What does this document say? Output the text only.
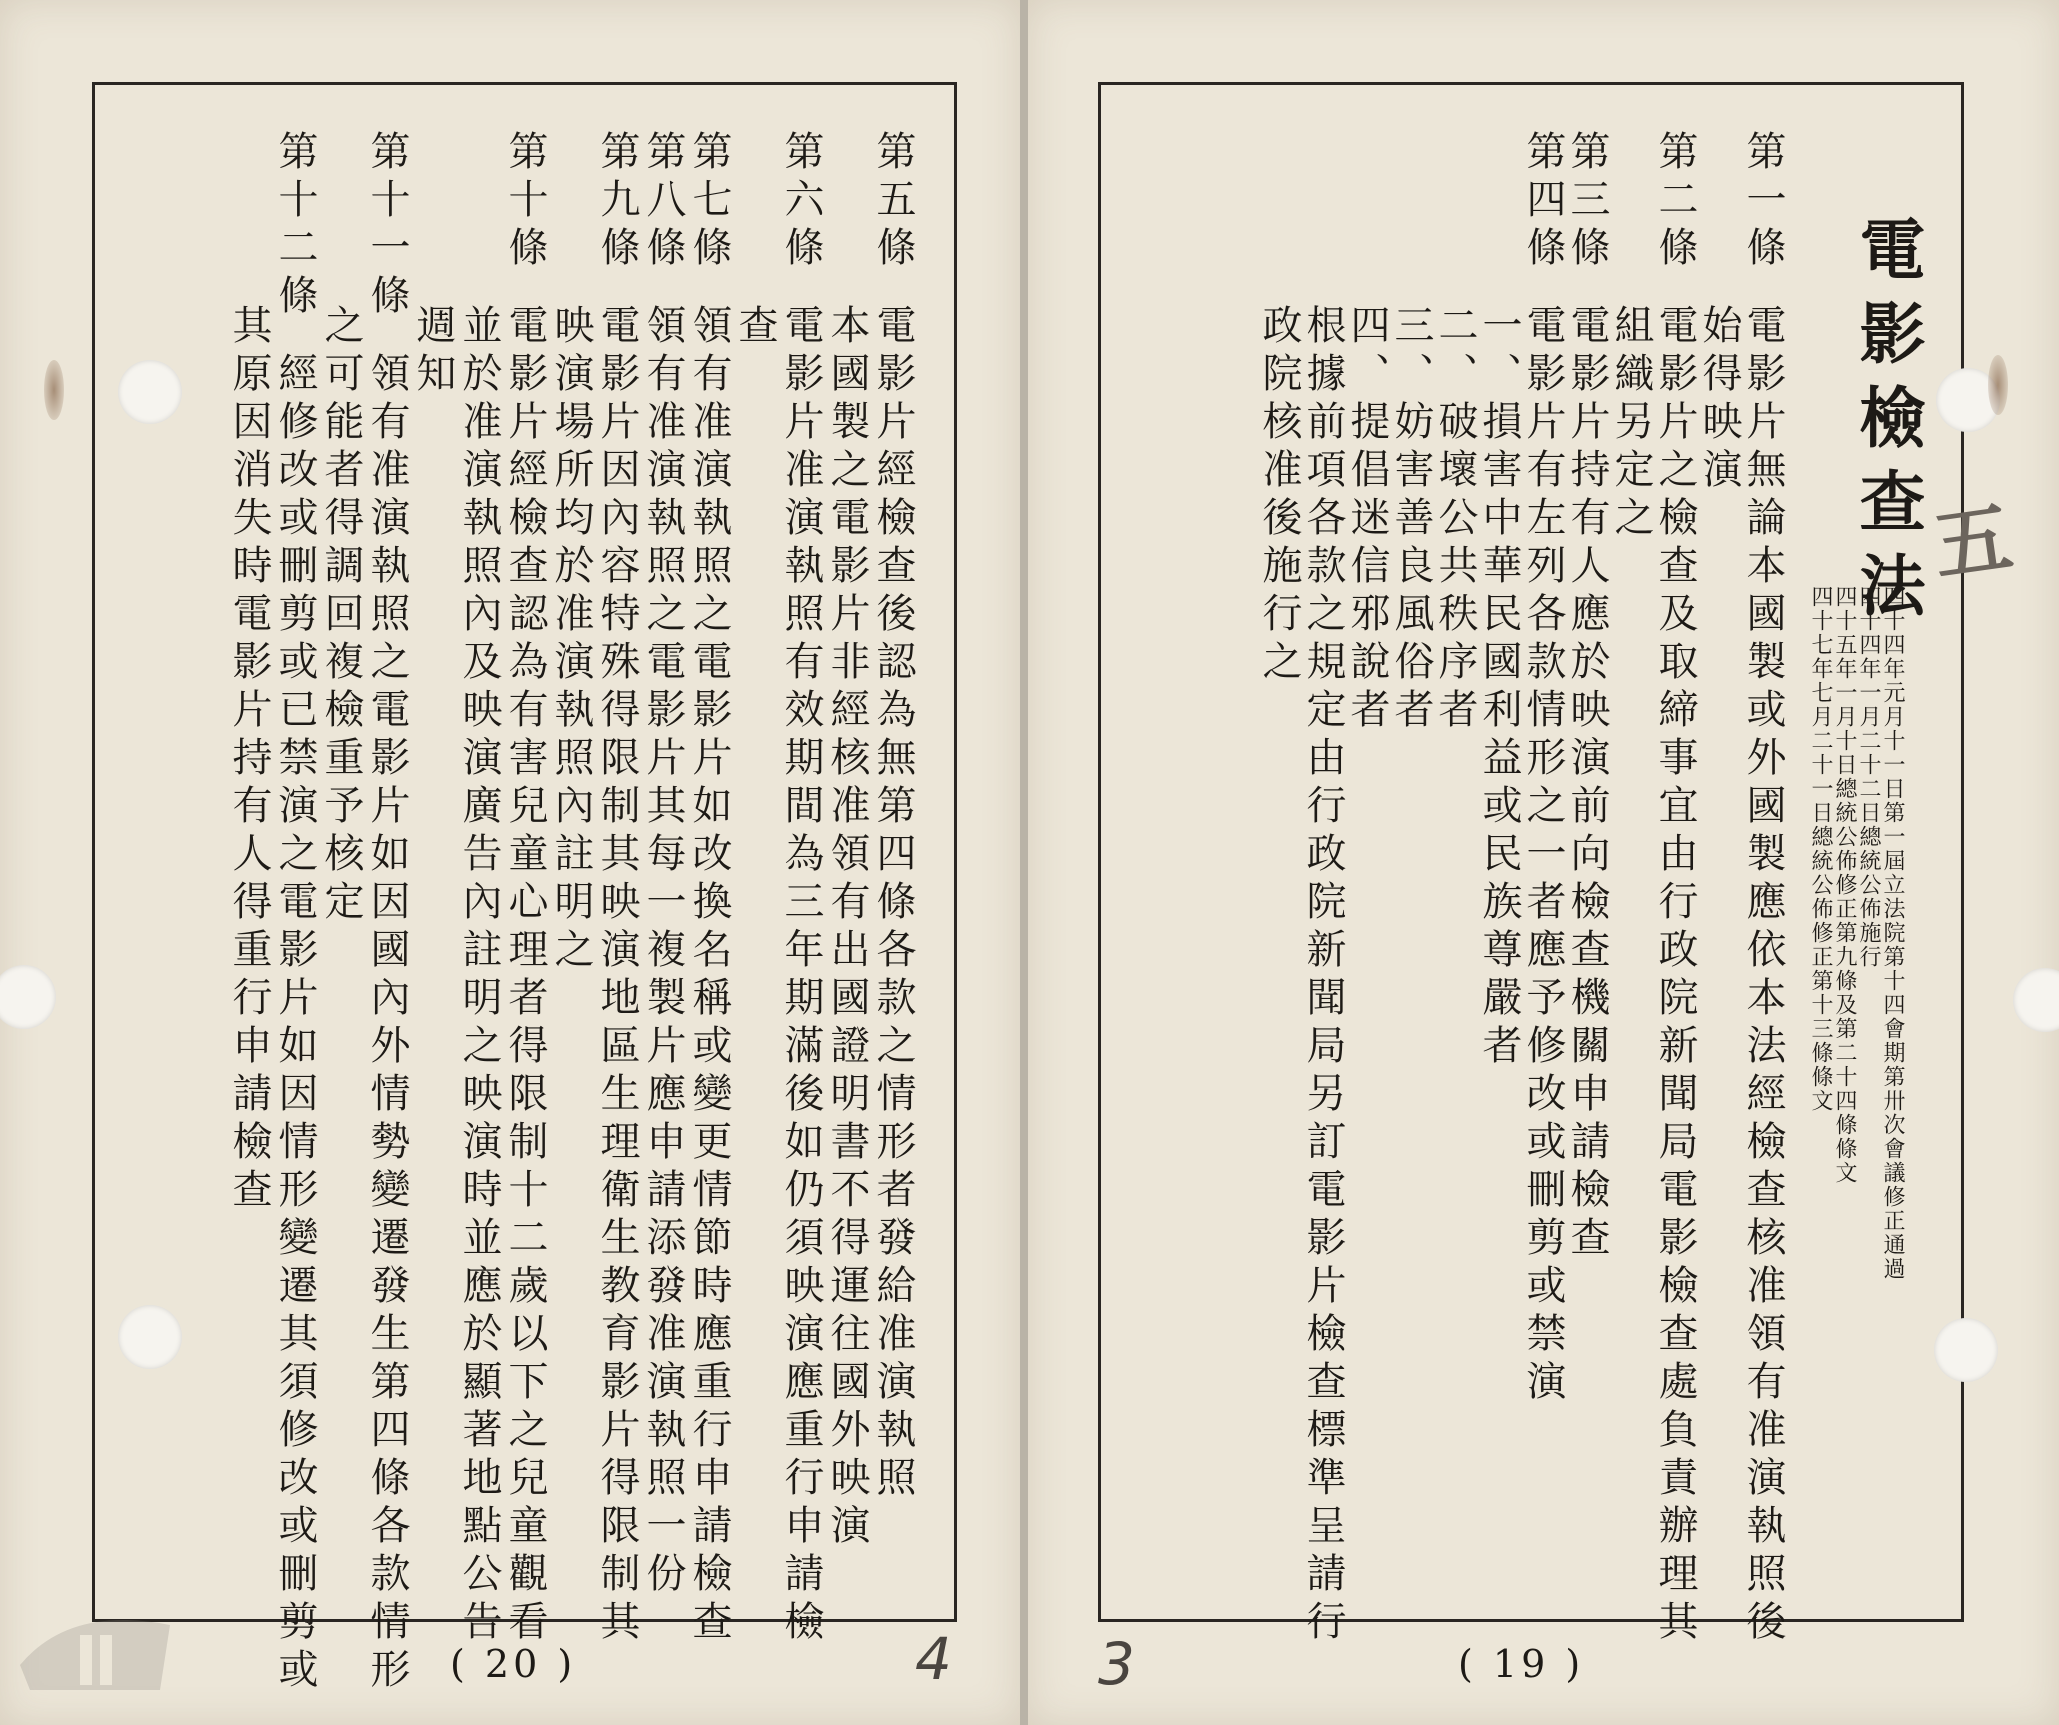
第五條電影片經檢查後認為無第四條各款之情形者發給准演執照
本國製之電影片非經核准領有出國證明書不得運往國外映演
第六條電影片准演執照有效期間為三年期滿後如仍須映演應重行申請檢
查
第七條領有准演執照之電影片如改換名稱或變更情節時應重行申請檢查
第八條領有准演執照之電影片其每一複製片應申請添發准演執照一份
第九條電影片因內容特殊得限制其映演地區生理衛生教育影片得限制其
映演場所均於准演執照內註明之
第十條電影片經檢查認為有害兒童心理者得限制十二歲以下之兒童觀看
並於准演執照內及映演廣告內註明之映演時並應於顯著地點公告
週知
第十一條領有准演執照之電影片如因國內外情勢變遷發生第四條各款情形
之可能者得調回複檢重予核定
第十二條經修改或刪剪或已禁演之電影片如因情形變遷其須修改或刪剪或
其原因消失時電影片持有人得重行申請檢查
( 20 )	4
電影檢查法
四十七年七月二十一日總統公佈修正第十三條條文 四十五年一月十日總統公佈修正第九條及第二十四條條文 四十四年一月二十二日總統公佈施行 四十四年元月十一日第一屆立法院第十四會期第卅次會議修正通過
第一條電影片無論本國製或外國製應依本法經檢查核准領有准演執照後
始得映演
第二條電影片之檢查及取締事宜由行政院新聞局電影檢查處負責辦理其
組織另定之
第三條電影片持有人應於映演前向檢查機關申請檢查
第四條電影片有左列各款情形之一者應予修改或刪剪或禁演
一、損害中華民國利益或民族尊嚴者
二、破壞公共秩序者
三、妨害善良風俗者
四、提倡迷信邪說者
根據前項各款之規定由行政院新聞局另訂電影片檢查標準呈請行
政院核准後施行之
( 19 )
3
五
